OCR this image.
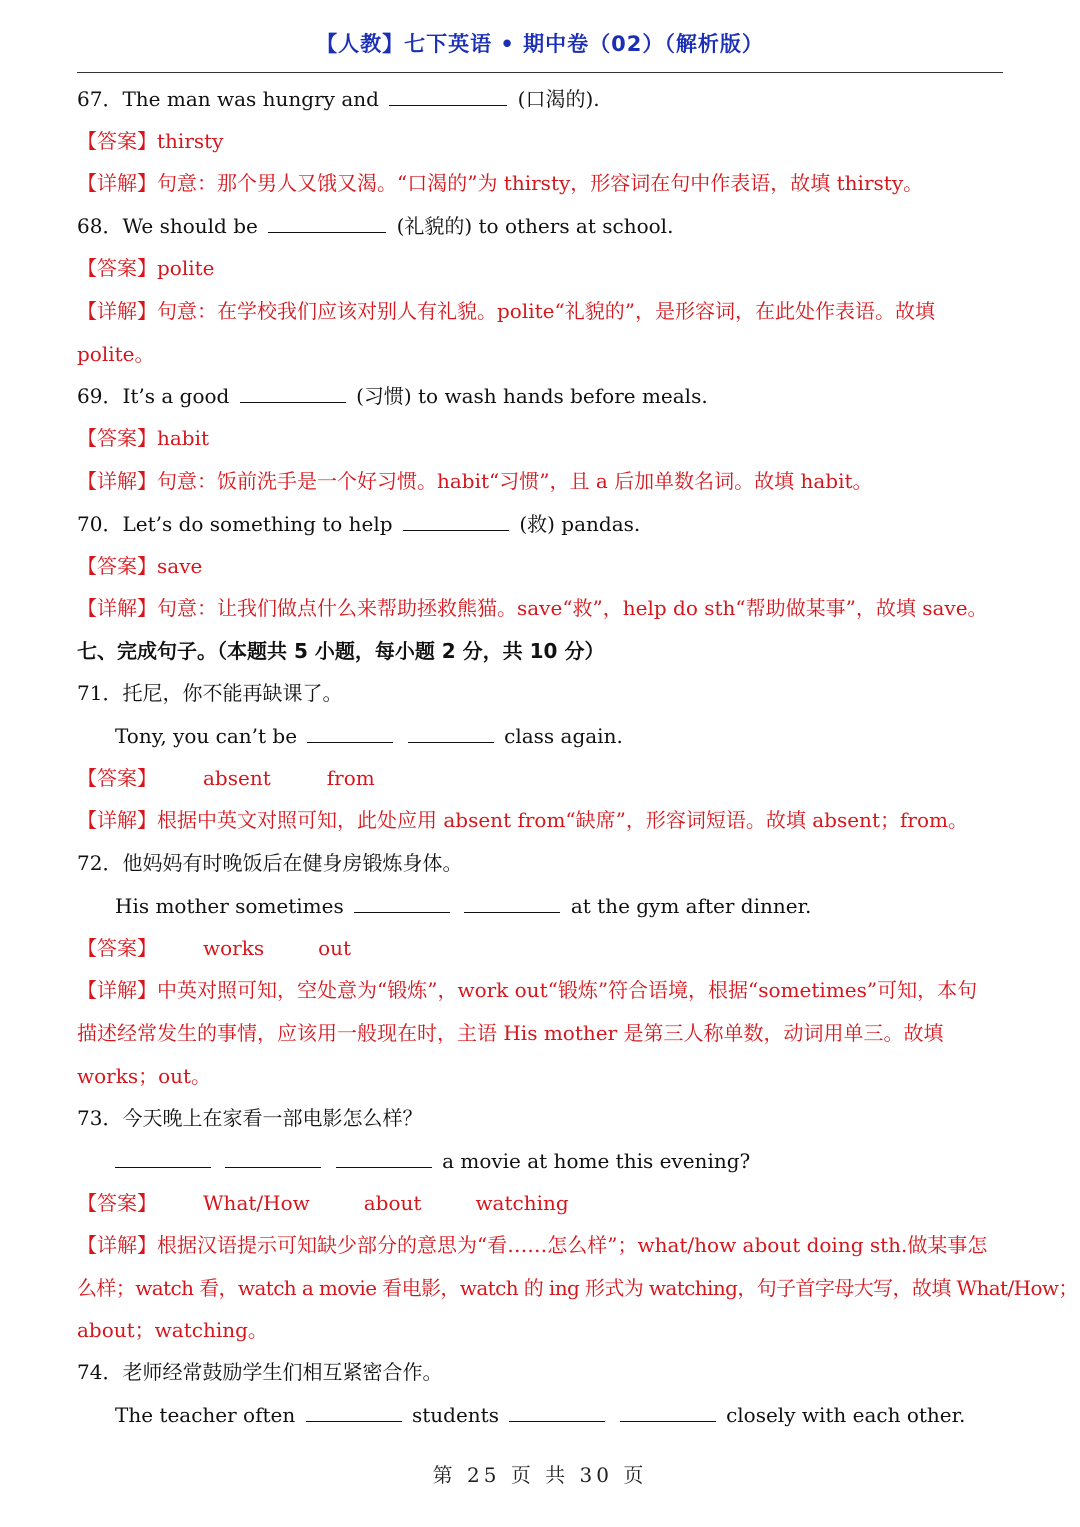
【人教】七下英语 • 期中卷（02）（解析版）
67．The man was hungry and	(口渴的).
【答案】thirsty
【详解】句意：那个男人又饿又渴。“口渴的”为 thirsty，形容词在句中作表语，故填 thirsty。
68．We should be	(礼貌的) to others at school.
【答案】polite
【详解】句意：在学校我们应该对别人有礼貌。polite“礼貌的”，是形容词，在此处作表语。故填
polite。
69．It’s a good	(习惯) to wash hands before meals.
【答案】habit
【详解】句意：饭前洗手是一个好习惯。habit“习惯”，且 a 后加单数名词。故填 habit。
70．Let’s do something to help	(救) pandas.
【答案】save
【详解】句意：让我们做点什么来帮助拯救熊猫。save“救”，help do sth“帮助做某事”，故填 save。
七、完成句子。（本题共 5 小题，每小题 2 分，共 10 分）
71．托尼，你不能再缺课了。
Tony, you can’t be	class again.
【答案】 absent	from
【详解】根据中英文对照可知，此处应用 absent from“缺席”，形容词短语。故填 absent；from。
72．他妈妈有时晚饭后在健身房锻炼身体。
His mother sometimes	at the gym after dinner.
【答案】 works	out
【详解】中英对照可知，空处意为“锻炼”，work out“锻炼”符合语境，根据“sometimes”可知，本句
描述经常发生的事情，应该用一般现在时，主语 His mother 是第三人称单数，动词用单三。故填
works；out。
73．今天晚上在家看一部电影怎么样？
a movie at home this evening?
【答案】 What/How	about	watching
【详解】根据汉语提示可知缺少部分的意思为“看……怎么样”；what/how about doing sth.做某事怎
么样；watch 看，watch a movie 看电影，watch 的 ing 形式为 watching，句子首字母大写，故填 What/How；
about；watching。
74．老师经常鼓励学生们相互紧密合作。
The teacher often	students	closely with each other.
第 25 页 共 30 页
